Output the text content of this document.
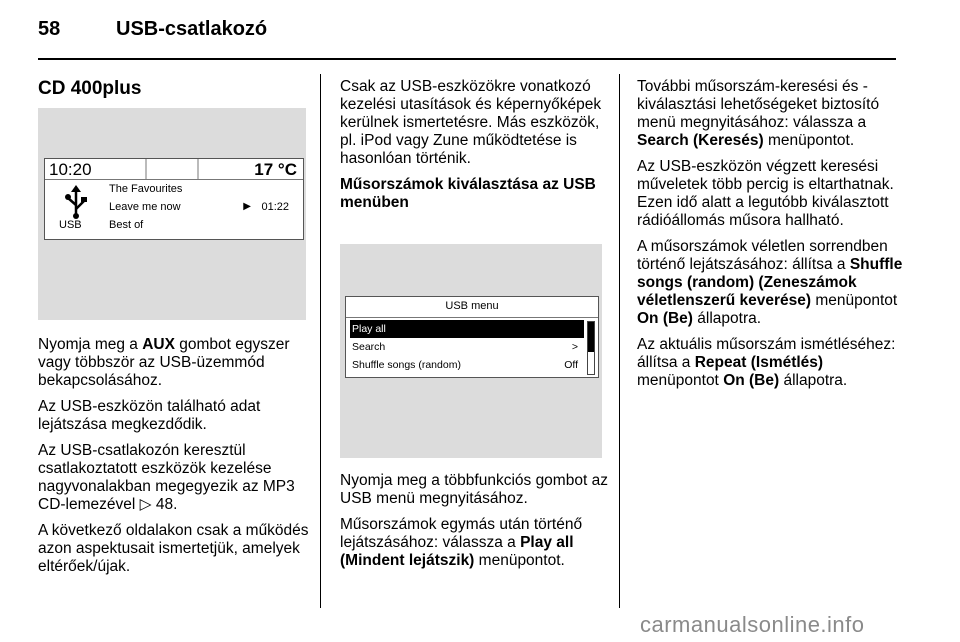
58	USB-csatlakozó
CD 400plus
10:20	17 °C
USB
The Favourites
Leave me now
Best of
▶ 01:22

Nyomja meg a AUX gombot egyszer vagy többször az USB-üzemmód bekapcsolásához.

Az USB-eszközön található adat lejátszása megkezdődik.

Az USB-csatlakozón keresztül csatlakoztatott eszközök kezelése nagyvonalakban megegyezik az MP3 CD-lemezével ▷ 48.

A következő oldalakon csak a működés azon aspektusait ismertetjük, amelyek eltérőek/újak.

Csak az USB-eszközökre vonatkozó kezelési utasítások és képernyőképek kerülnek ismertetésre. Más eszközök, pl. iPod vagy Zune működtetése is hasonlóan történik.

Műsorszámok kiválasztása az USB menüben

USB menu
Play all
Search	>
Shuffle songs (random)	Off

Nyomja meg a többfunkciós gombot az USB menü megnyitásához.

Műsorszámok egymás után történő lejátszásához: válassza a Play all (Mindent lejátszik) menüpontot.

További műsorszám-keresési és -kiválasztási lehetőségeket biztosító menü megnyitásához: válassza a Search (Keresés) menüpontot.

Az USB-eszközön végzett keresési műveletek több percig is eltarthatnak. Ezen idő alatt a legutóbb kiválasztott rádióállomás műsora hallható.

A műsorszámok véletlen sorrendben történő lejátszásához: állítsa a Shuffle songs (random) (Zeneszámok véletlenszerű keverése) menüpontot On (Be) állapotra.

Az aktuális műsorszám ismétléséhez: állítsa a Repeat (Ismétlés) menüpontot On (Be) állapotra.

carmanualsonline.info
